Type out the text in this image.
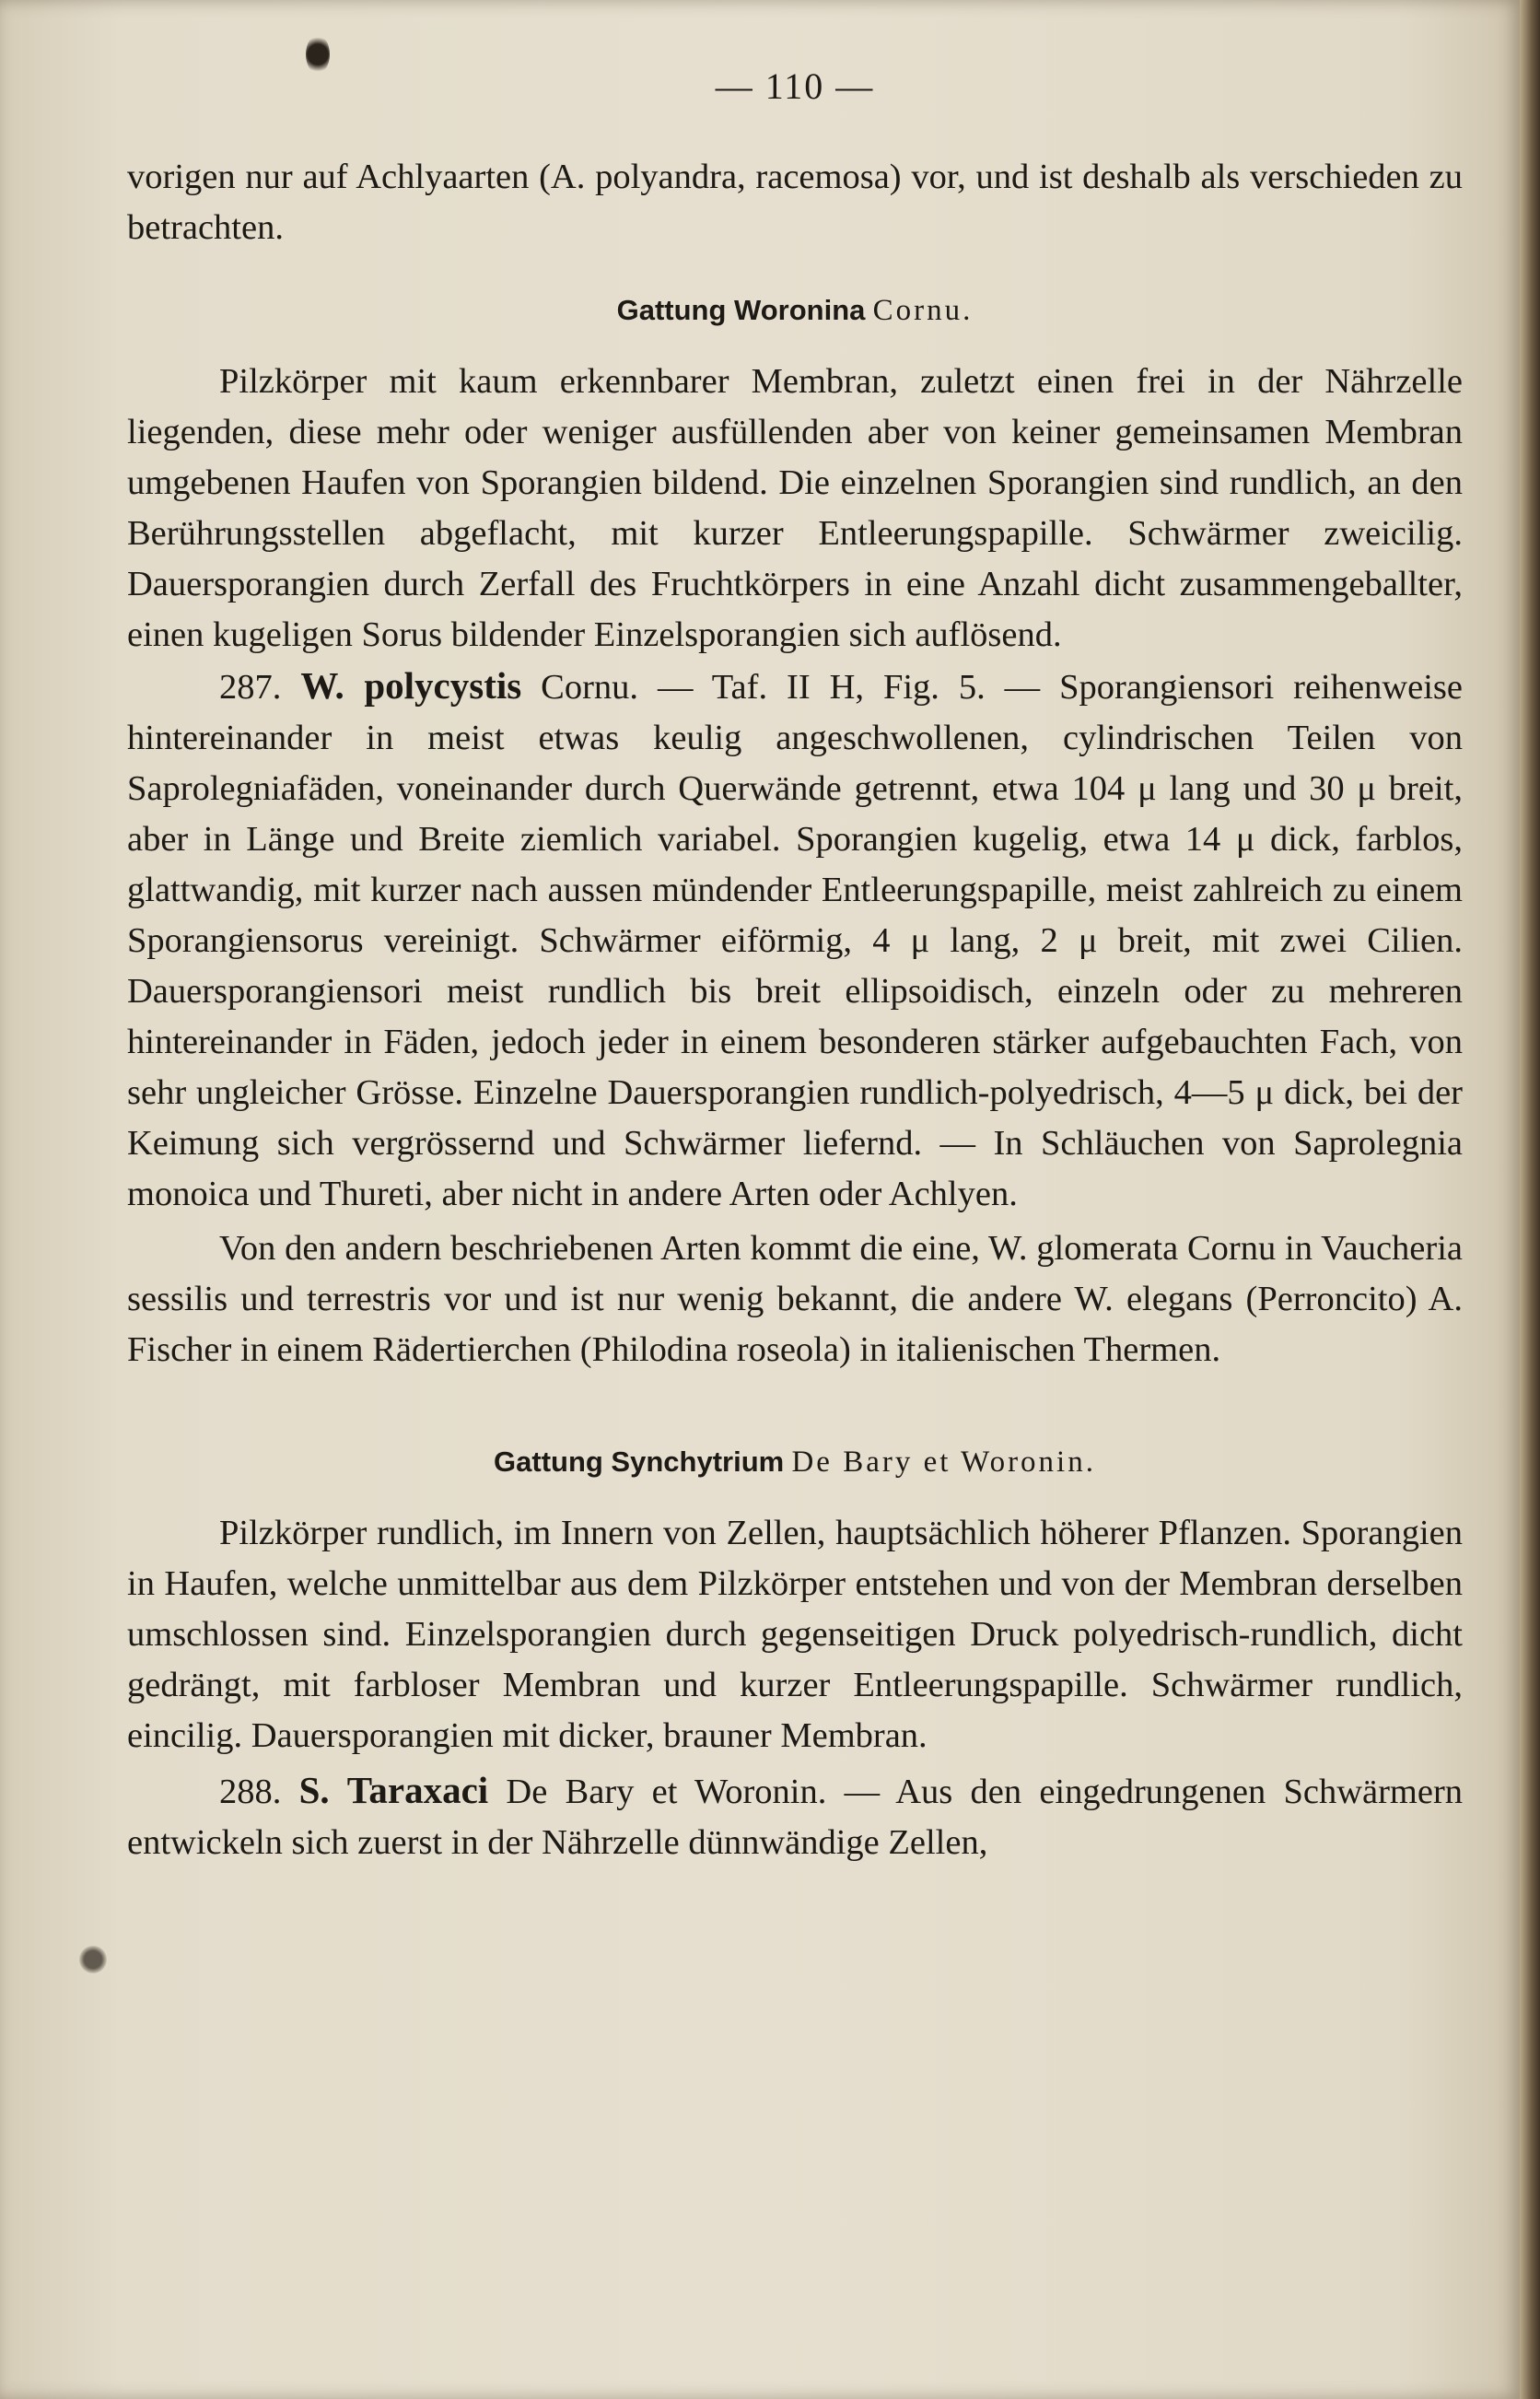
— 110 —

vorigen nur auf Achlyaarten (A. polyandra, racemosa) vor, und ist deshalb als verschieden zu betrachten.

Gattung Woronina Cornu.

Pilzkörper mit kaum erkennbarer Membran, zuletzt einen frei in der Nährzelle liegenden, diese mehr oder weniger ausfüllenden aber von keiner gemeinsamen Membran umgebenen Haufen von Sporangien bildend. Die einzelnen Sporangien sind rundlich, an den Berührungsstellen abgeflacht, mit kurzer Entleerungspapille. Schwärmer zweicilig. Dauersporangien durch Zerfall des Fruchtkörpers in eine Anzahl dicht zusammengeballter, einen kugeligen Sorus bildender Einzelsporangien sich auflösend.

287. W. polycystis Cornu. — Taf. II H, Fig. 5. — Sporangiensori reihenweise hintereinander in meist etwas keulig angeschwollenen, cylindrischen Teilen von Saprolegniafäden, voneinander durch Querwände getrennt, etwa 104 μ lang und 30 μ breit, aber in Länge und Breite ziemlich variabel. Sporangien kugelig, etwa 14 μ dick, farblos, glattwandig, mit kurzer nach aussen mündender Entleerungspapille, meist zahlreich zu einem Sporangiensorus vereinigt. Schwärmer eiförmig, 4 μ lang, 2 μ breit, mit zwei Cilien. Dauersporangiensori meist rundlich bis breit ellipsoidisch, einzeln oder zu mehreren hintereinander in Fäden, jedoch jeder in einem besonderen stärker aufgebauchten Fach, von sehr ungleicher Grösse. Einzelne Dauersporangien rundlich-polyedrisch, 4—5 μ dick, bei der Keimung sich vergrössernd und Schwärmer liefernd. — In Schläuchen von Saprolegnia monoica und Thureti, aber nicht in andere Arten oder Achlyen.

Von den andern beschriebenen Arten kommt die eine, W. glomerata Cornu in Vaucheria sessilis und terrestris vor und ist nur wenig bekannt, die andere W. elegans (Perroncito) A. Fischer in einem Rädertierchen (Philodina roseola) in italienischen Thermen.

Gattung Synchytrium De Bary et Woronin.

Pilzkörper rundlich, im Innern von Zellen, hauptsächlich höherer Pflanzen. Sporangien in Haufen, welche unmittelbar aus dem Pilzkörper entstehen und von der Membran derselben umschlossen sind. Einzelsporangien durch gegenseitigen Druck polyedrisch-rundlich, dicht gedrängt, mit farbloser Membran und kurzer Entleerungspapille. Schwärmer rundlich, eincilig. Dauersporangien mit dicker, brauner Membran.

288. S. Taraxaci De Bary et Woronin. — Aus den eingedrungenen Schwärmern entwickeln sich zuerst in der Nährzelle dünnwändige Zellen,
